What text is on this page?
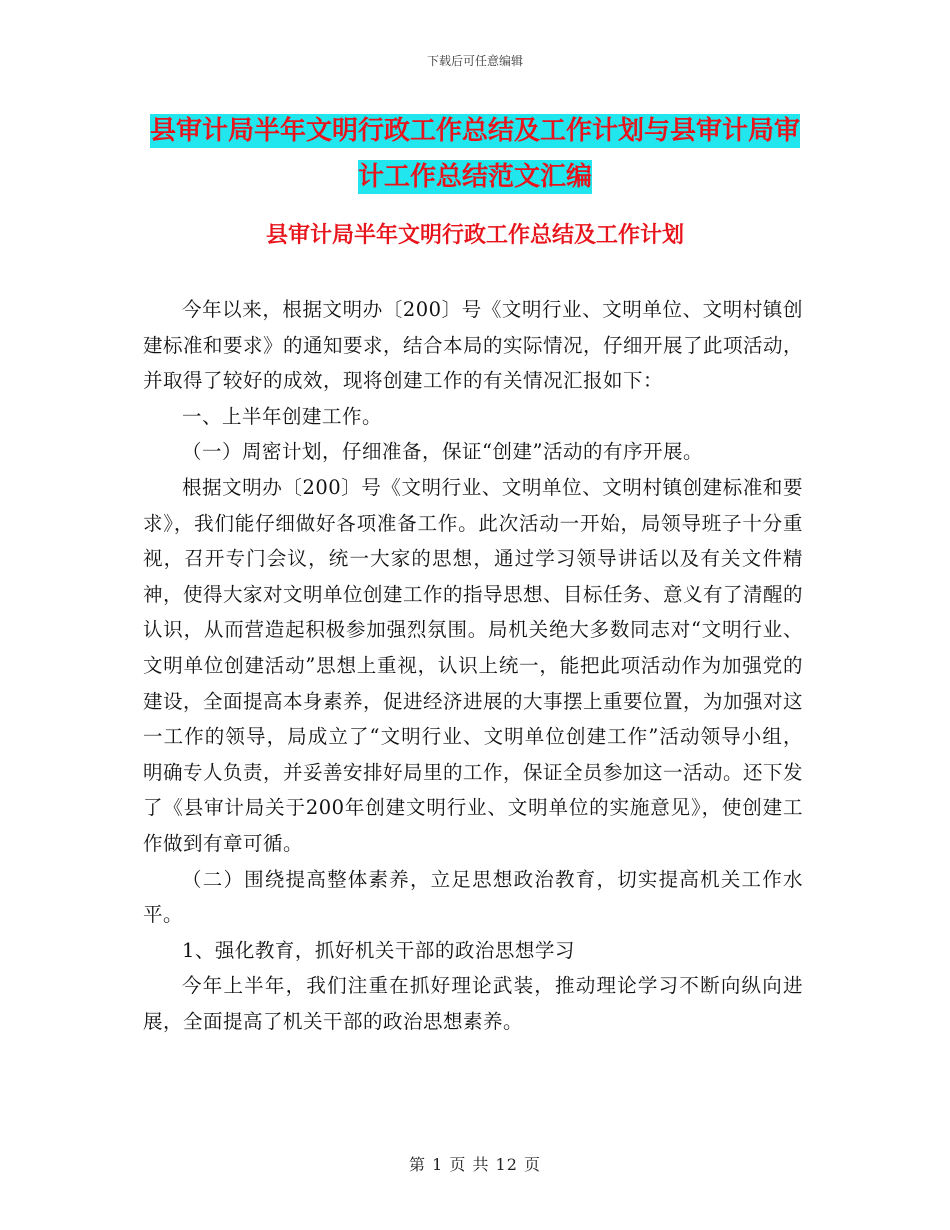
下载后可任意编辑
县审计局半年文明行政工作总结及工作计划与县审计局审计工作总结范文汇编
县审计局半年文明行政工作总结及工作计划

今年以来，根据文明办〔200〕号《文明行业、文明单位、文明村镇创建标准和要求》的通知要求，结合本局的实际情况，仔细开展了此项活动，并取得了较好的成效，现将创建工作的有关情况汇报如下：

一、上半年创建工作。

（一）周密计划，仔细准备，保证“创建”活动的有序开展。

根据文明办〔200〕号《文明行业、文明单位、文明村镇创建标准和要求》，我们能仔细做好各项准备工作。此次活动一开始，局领导班子十分重视，召开专门会议，统一大家的思想，通过学习领导讲话以及有关文件精神，使得大家对文明单位创建工作的指导思想、目标任务、意义有了清醒的认识，从而营造起积极参加强烈氛围。局机关绝大多数同志对“文明行业、文明单位创建活动”思想上重视，认识上统一，能把此项活动作为加强党的建设，全面提高本身素养，促进经济进展的大事摆上重要位置，为加强对这一工作的领导，局成立了“文明行业、文明单位创建工作”活动领导小组，明确专人负责，并妥善安排好局里的工作，保证全员参加这一活动。还下发了《县审计局关于200年创建文明行业、文明单位的实施意见》，使创建工作做到有章可循。

（二）围绕提高整体素养，立足思想政治教育，切实提高机关工作水平。

1、强化教育，抓好机关干部的政治思想学习

今年上半年，我们注重在抓好理论武装，推动理论学习不断向纵向进展，全面提高了机关干部的政治思想素养。

第 1 页 共 12 页
